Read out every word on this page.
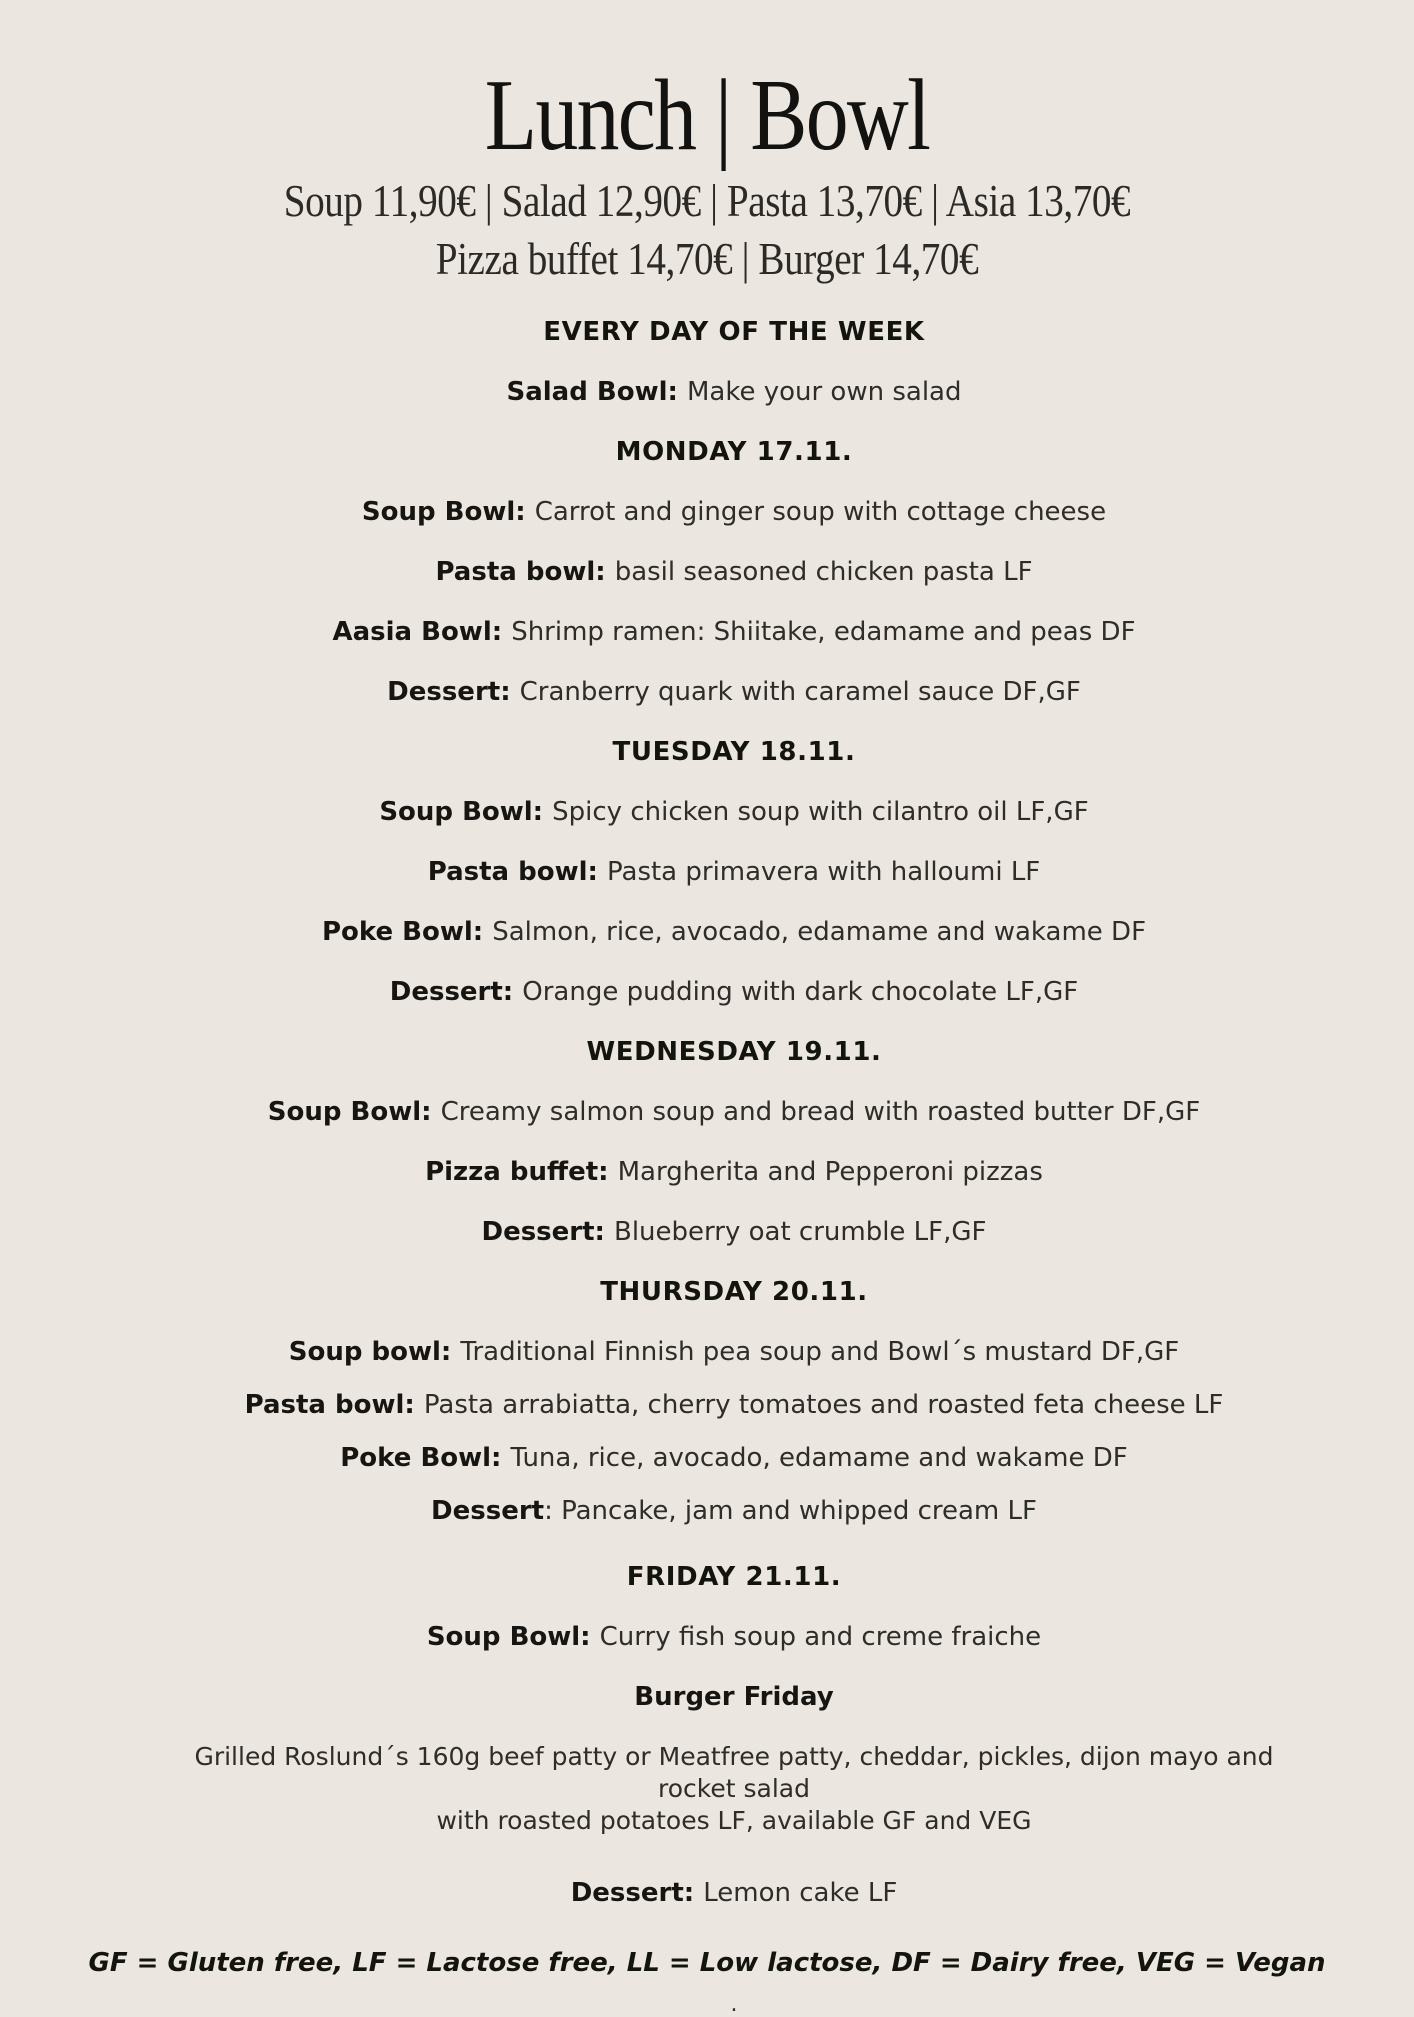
Lunch | Bowl
Soup 11,90€ | Salad 12,90€ | Pasta 13,70€ | Asia 13,70€
Pizza buffet 14,70€ | Burger 14,70€
EVERY DAY OF THE WEEK
Salad Bowl: Make your own salad
MONDAY 17.11.
Soup Bowl: Carrot and ginger soup with cottage cheese
Pasta bowl: basil seasoned chicken pasta LF
Aasia Bowl: Shrimp ramen: Shiitake, edamame and peas DF
Dessert: Cranberry quark with caramel sauce DF,GF
TUESDAY 18.11.
Soup Bowl: Spicy chicken soup with cilantro oil LF,GF
Pasta bowl: Pasta primavera with halloumi LF
Poke Bowl: Salmon, rice, avocado, edamame and wakame DF
Dessert: Orange pudding with dark chocolate LF,GF
WEDNESDAY 19.11.
Soup Bowl: Creamy salmon soup and bread with roasted butter DF,GF
Pizza buffet: Margherita and Pepperoni pizzas
Dessert: Blueberry oat crumble LF,GF
THURSDAY 20.11.
Soup bowl: Traditional Finnish pea soup and Bowl´s mustard DF,GF
Pasta bowl: Pasta arrabiatta, cherry tomatoes and roasted feta cheese LF
Poke Bowl: Tuna, rice, avocado, edamame and wakame DF
Dessert: Pancake, jam and whipped cream LF
FRIDAY 21.11.
Soup Bowl: Curry fish soup and creme fraiche
Burger Friday
Grilled Roslund´s 160g beef patty or Meatfree patty, cheddar, pickles, dijon mayo and
rocket salad
with roasted potatoes LF, available GF and VEG
Dessert: Lemon cake LF
GF = Gluten free, LF = Lactose free, LL = Low lactose, DF = Dairy free, VEG = Vegan
.
